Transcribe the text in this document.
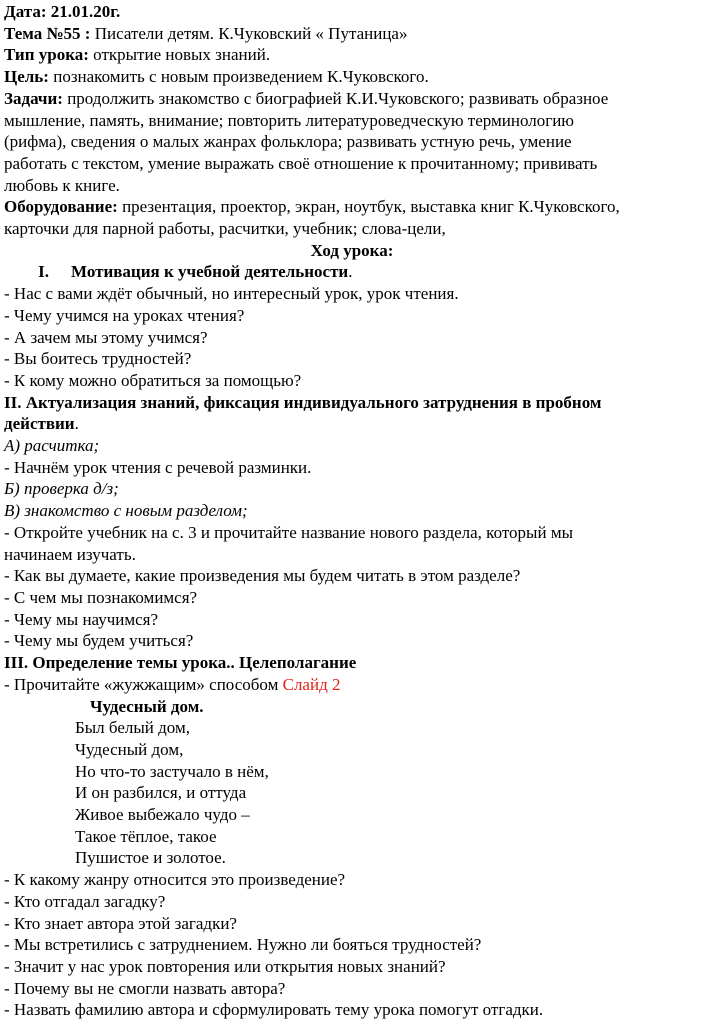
Дата: 21.01.20г.
Тема №55 : Писатели детям. К.Чуковский « Путаница»
Тип урока: открытие новых знаний.
Цель: познакомить с новым произведением К.Чуковского.
Задачи: продолжить знакомство с биографией К.И.Чуковского; развивать образное
мышление, память, внимание; повторить литературоведческую терминологию
(рифма), сведения о малых жанрах фольклора; развивать устную речь, умение
работать с текстом, умение выражать своё отношение к прочитанному; прививать
любовь к книге.
Оборудование: презентация, проектор, экран, ноутбук, выставка книг К.Чуковского,
карточки для парной работы, расчитки, учебник; слова-цели,
Ход урока:
I.	Мотивация к учебной деятельности.
- Нас с вами ждёт обычный, но интересный урок, урок чтения.
- Чему учимся на уроках чтения?
- А зачем мы этому учимся?
- Вы боитесь трудностей?
- К кому можно обратиться за помощью?
II. Актуализация знаний, фиксация индивидуального затруднения в пробном
действии.
А) расчитка;
- Начнём урок чтения с речевой разминки.
Б) проверка д/з;
В) знакомство с новым разделом;
- Откройте учебник на с. 3 и прочитайте название нового раздела, который мы
начинаем изучать.
- Как вы думаете, какие произведения мы будем читать в этом разделе?
- С чем мы познакомимся?
- Чему мы научимся?
- Чему мы будем учиться?
III. Определение темы урока.. Целеполагание
- Прочитайте «жужжащим» способом Слайд 2
Чудесный дом.
Был белый дом,
Чудесный дом,
Но что-то застучало в нём,
И он разбился, и оттуда
Живое выбежало чудо –
Такое тёплое, такое
Пушистое и золотое.
- К какому жанру относится это произведение?
- Кто отгадал загадку?
- Кто знает автора этой загадки?
- Мы встретились с затруднением. Нужно ли бояться трудностей?
- Значит у нас урок повторения или открытия новых знаний?
- Почему вы не смогли назвать автора?
- Назвать фамилию автора и сформулировать тему урока помогут отгадки.
